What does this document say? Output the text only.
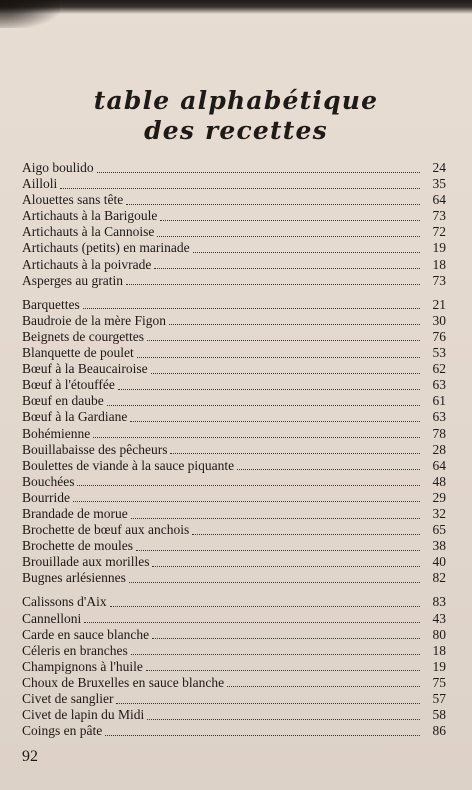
table alphabétique
des recettes
Aigo boulido	24
Ailloli	35
Alouettes sans tête	64
Artichauts à la Barigoule	73
Artichauts à la Cannoise	72
Artichauts (petits) en marinade	19
Artichauts à la poivrade	18
Asperges au gratin	73
Barquettes	21
Baudroie de la mère Figon	30
Beignets de courgettes	76
Blanquette de poulet	53
Bœuf à la Beaucairoise	62
Bœuf à l'étouffée	63
Bœuf en daube	61
Bœuf à la Gardiane	63
Bohémienne	78
Bouillabaisse des pêcheurs	28
Boulettes de viande à la sauce piquante	64
Bouchées	48
Bourride	29
Brandade de morue	32
Brochette de bœuf aux anchois	65
Brochette de moules	38
Brouillade aux morilles	40
Bugnes arlésiennes	82
Calissons d'Aix	83
Cannelloni	43
Carde en sauce blanche	80
Céleris en branches	18
Champignons à l'huile	19
Choux de Bruxelles en sauce blanche	75
Civet de sanglier	57
Civet de lapin du Midi	58
Coings en pâte	86
92
